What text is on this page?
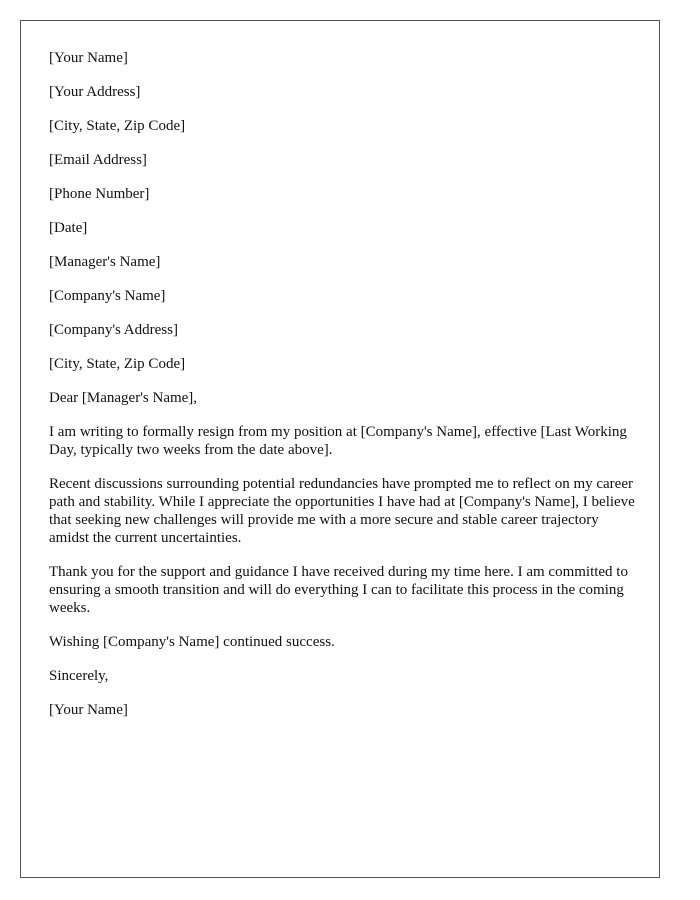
[Your Name]

[Your Address]

[City, State, Zip Code]

[Email Address]

[Phone Number]

[Date]

[Manager's Name]

[Company's Name]

[Company's Address]

[City, State, Zip Code]

Dear [Manager's Name],

I am writing to formally resign from my position at [Company's Name], effective [Last Working Day, typically two weeks from the date above].

Recent discussions surrounding potential redundancies have prompted me to reflect on my career path and stability. While I appreciate the opportunities I have had at [Company's Name], I believe that seeking new challenges will provide me with a more secure and stable career trajectory amidst the current uncertainties.

Thank you for the support and guidance I have received during my time here. I am committed to ensuring a smooth transition and will do everything I can to facilitate this process in the coming weeks.

Wishing [Company's Name] continued success.

Sincerely,

[Your Name]
